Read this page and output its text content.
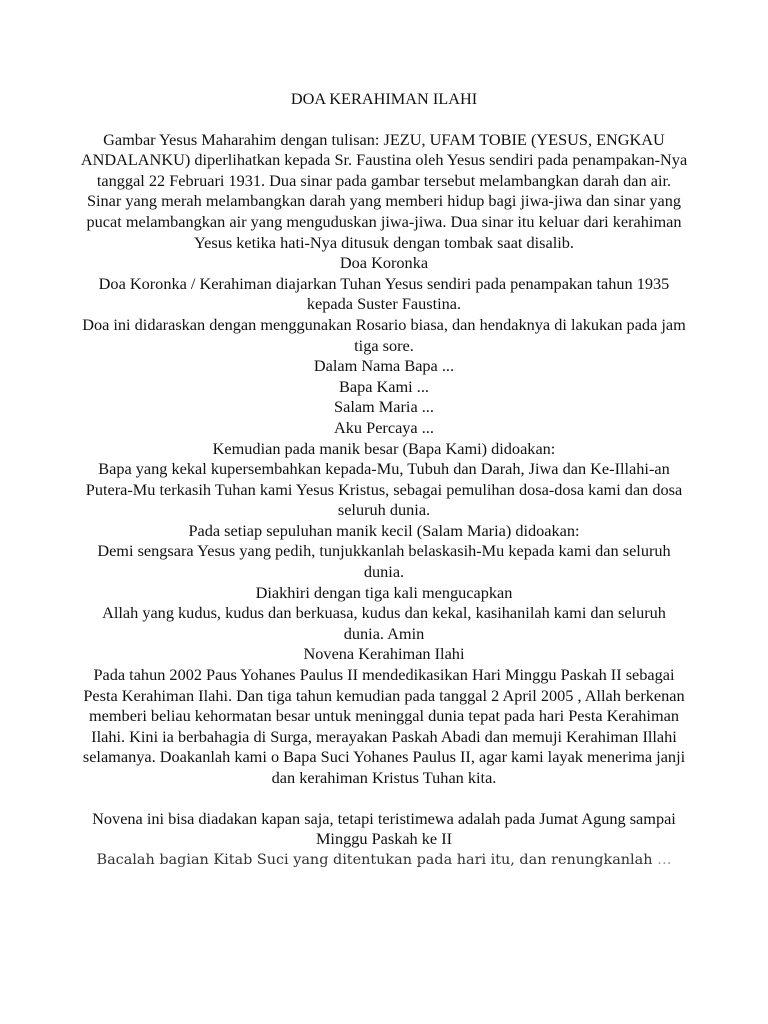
DOA KERAHIMAN ILAHI

Gambar Yesus Maharahim dengan tulisan: JEZU, UFAM TOBIE (YESUS, ENGKAU ANDALANKU) diperlihatkan kepada Sr. Faustina oleh Yesus sendiri pada penampakan-Nya tanggal 22 Februari 1931. Dua sinar pada gambar tersebut melambangkan darah dan air. Sinar yang merah melambangkan darah yang memberi hidup bagi jiwa-jiwa dan sinar yang pucat melambangkan air yang menguduskan jiwa-jiwa. Dua sinar itu keluar dari kerahiman Yesus ketika hati-Nya ditusuk dengan tombak saat disalib.

Doa Koronka

Doa Koronka / Kerahiman diajarkan Tuhan Yesus sendiri pada penampakan tahun 1935 kepada Suster Faustina.

Doa ini didaraskan dengan menggunakan Rosario biasa, dan hendaknya di lakukan pada jam tiga sore.

Dalam Nama Bapa ...

Bapa Kami ...

Salam Maria ...

Aku Percaya ...

Kemudian pada manik besar (Bapa Kami) didoakan:

Bapa yang kekal kupersembahkan kepada-Mu, Tubuh dan Darah, Jiwa dan Ke-Illahi-an Putera-Mu terkasih Tuhan kami Yesus Kristus, sebagai pemulihan dosa-dosa kami dan dosa seluruh dunia.

Pada setiap sepuluhan manik kecil (Salam Maria) didoakan:

Demi sengsara Yesus yang pedih, tunjukkanlah belaskasih-Mu kepada kami dan seluruh dunia.

Diakhiri dengan tiga kali mengucapkan

Allah yang kudus, kudus dan berkuasa, kudus dan kekal, kasihanilah kami dan seluruh dunia. Amin

Novena Kerahiman Ilahi

Pada tahun 2002 Paus Yohanes Paulus II mendedikasikan Hari Minggu Paskah II sebagai Pesta Kerahiman Ilahi. Dan tiga tahun kemudian pada tanggal 2 April 2005 , Allah berkenan memberi beliau kehormatan besar untuk meninggal dunia tepat pada hari Pesta Kerahiman Ilahi. Kini ia berbahagia di Surga, merayakan Paskah Abadi dan memuji Kerahiman Illahi selamanya. Doakanlah kami o Bapa Suci Yohanes Paulus II, agar kami layak menerima janji dan kerahiman Kristus Tuhan kita.

Novena ini bisa diadakan kapan saja, tetapi teristimewa adalah pada Jumat Agung sampai Minggu Paskah ke II

Bacalah bagian Kitab Suci yang ditentukan pada hari itu, dan renungkanlah …
